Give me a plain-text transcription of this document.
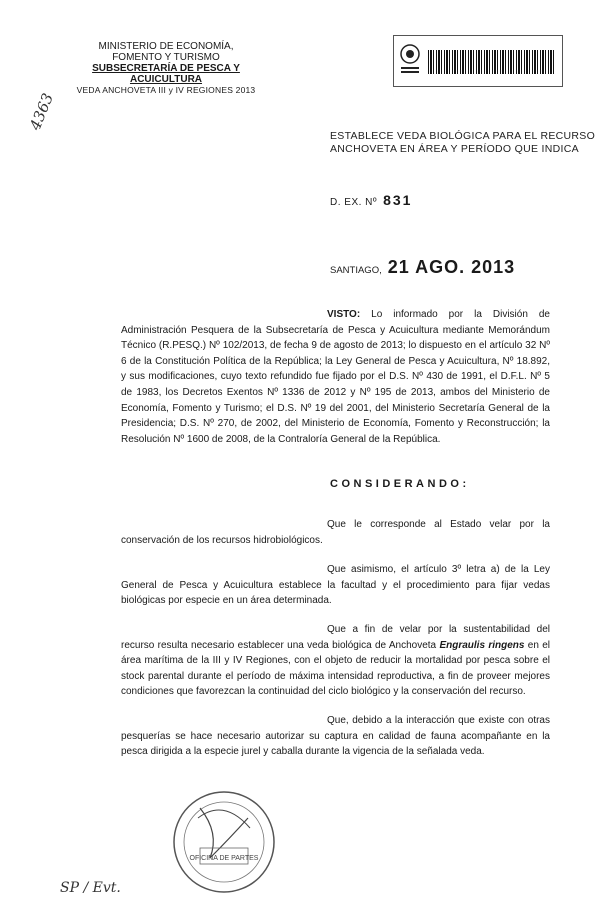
MINISTERIO DE ECONOMÍA,
FOMENTO Y TURISMO
SUBSECRETARÍA DE PESCA Y
ACUICULTURA
VEDA ANCHOVETA III y IV REGIONES 2013
4363
ESTABLECE VEDA BIOLÓGICA PARA EL RECURSO
ANCHOVETA EN ÁREA Y PERÍODO QUE INDICA
D. EX. Nº 831
SANTIAGO, 21 AGO. 2013
VISTO: Lo informado por la División de Administración Pesquera de la Subsecretaría de Pesca y Acuicultura mediante Memorándum Técnico (R.PESQ.) Nº 102/2013, de fecha 9 de agosto de 2013; lo dispuesto en el artículo 32 Nº 6 de la Constitución Política de la República; la Ley General de Pesca y Acuicultura, Nº 18.892, y sus modificaciones, cuyo texto refundido fue fijado por el D.S. Nº 430 de 1991, el D.F.L. Nº 5 de 1983, los Decretos Exentos Nº 1336 de 2012 y Nº 195 de 2013, ambos del Ministerio de Economía, Fomento y Turismo; el D.S. Nº 19 del 2001, del Ministerio Secretaría General de la Presidencia; D.S. Nº 270, de 2002, del Ministerio de Economía, Fomento y Reconstrucción; la Resolución Nº 1600 de 2008, de la Contraloría General de la República.
CONSIDERANDO:
Que le corresponde al Estado velar por la conservación de los recursos hidrobiológicos.
Que asimismo, el artículo 3º letra a) de la Ley General de Pesca y Acuicultura establece la facultad y el procedimiento para fijar vedas biológicas por especie en un área determinada.
Que a fin de velar por la sustentabilidad del recurso resulta necesario establecer una veda biológica de Anchoveta Engraulis ringens en el área marítima de la III y IV Regiones, con el objeto de reducir la mortalidad por pesca sobre el stock parental durante el período de máxima intensidad reproductiva, a fin de proveer mejores condiciones que favorezcan la continuidad del ciclo biológico y la conservación del recurso.
Que, debido a la interacción que existe con otras pesquerías se hace necesario autorizar su captura en calidad de fauna acompañante en la pesca dirigida a la especie jurel y caballa durante la vigencia de la señalada veda.
OFICINA DE PARTES
SP / Evt.
